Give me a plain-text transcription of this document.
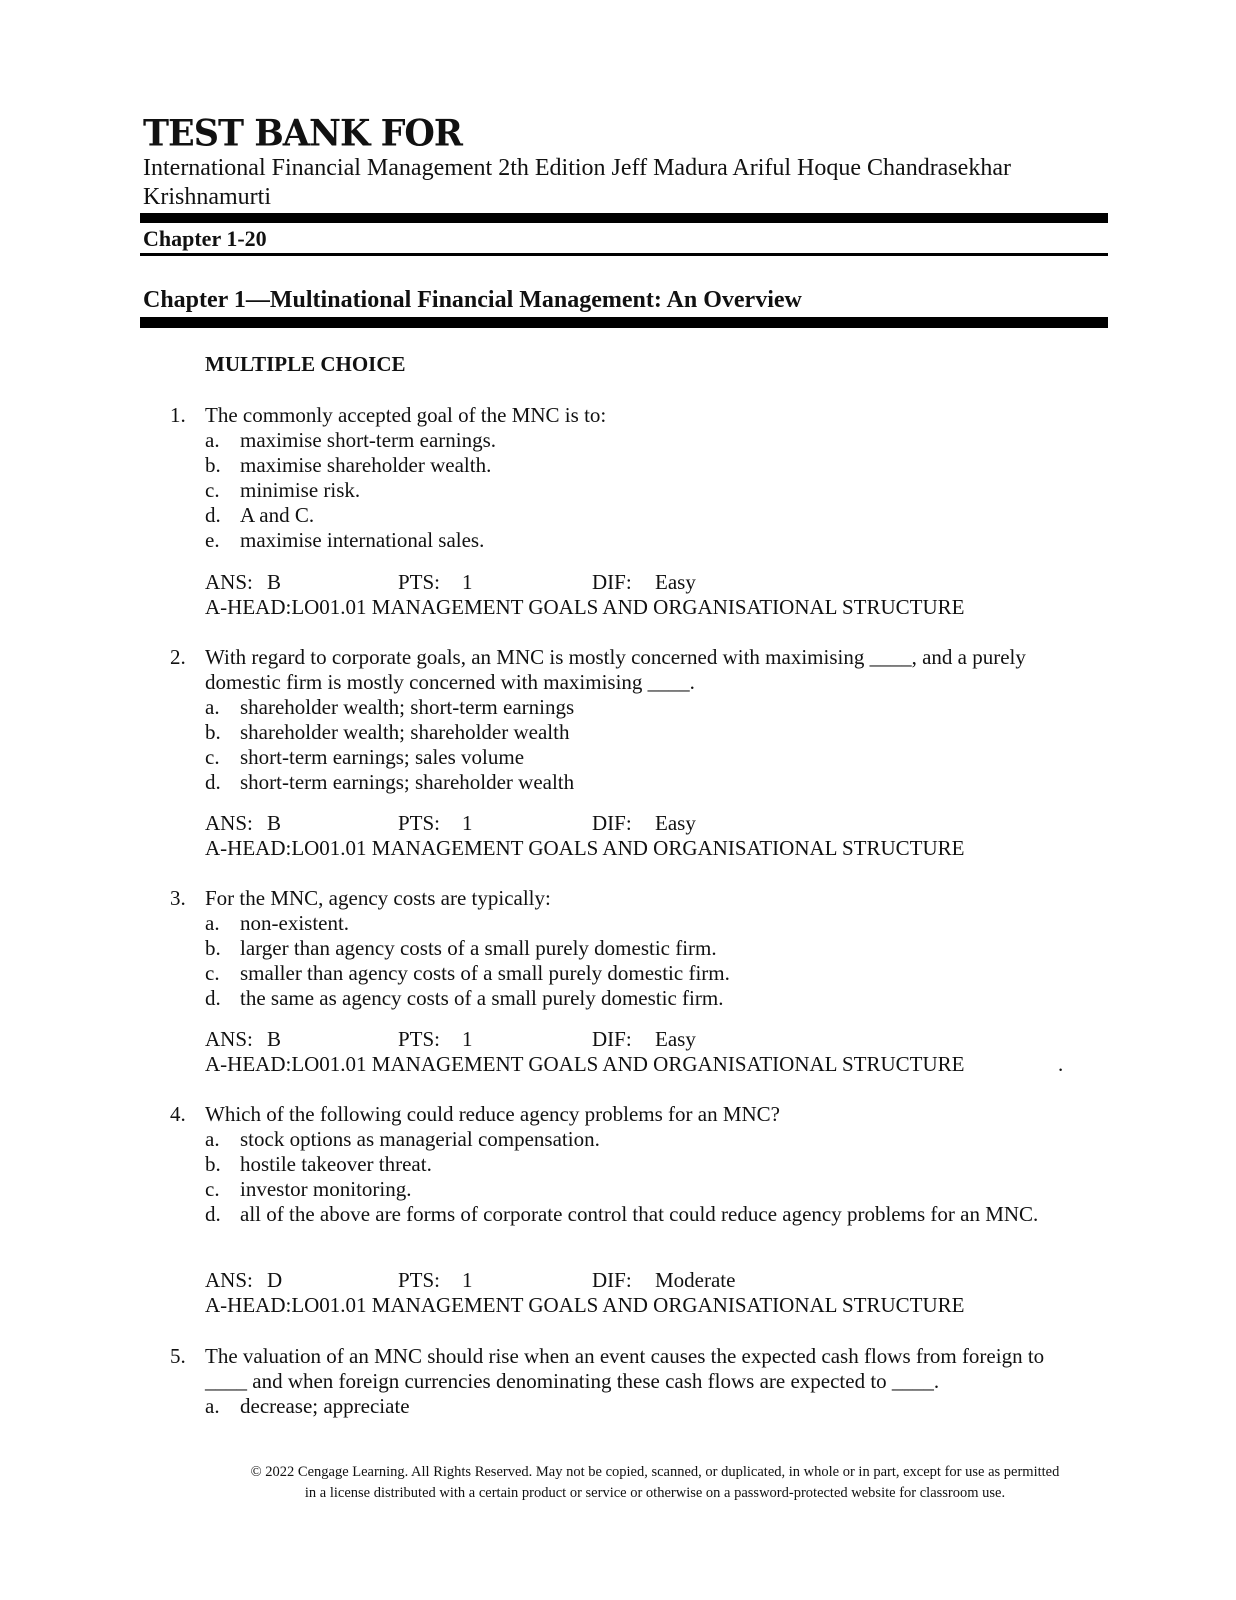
TEST BANK FOR
International Financial Management 2th Edition Jeff Madura Ariful Hoque Chandrasekhar Krishnamurti
Chapter 1-20
Chapter 1—Multinational Financial Management: An Overview
MULTIPLE CHOICE
1. The commonly accepted goal of the MNC is to:
a. maximise short-term earnings.
b. maximise shareholder wealth.
c. minimise risk.
d. A and C.
e. maximise international sales.
ANS: B	PTS: 1	DIF: Easy
A-HEAD:LO01.01 MANAGEMENT GOALS AND ORGANISATIONAL STRUCTURE
2. With regard to corporate goals, an MNC is mostly concerned with maximising ____, and a purely domestic firm is mostly concerned with maximising ____.
a. shareholder wealth; short-term earnings
b. shareholder wealth; shareholder wealth
c. short-term earnings; sales volume
d. short-term earnings; shareholder wealth
ANS: B	PTS: 1	DIF: Easy
A-HEAD:LO01.01 MANAGEMENT GOALS AND ORGANISATIONAL STRUCTURE
3. For the MNC, agency costs are typically:
a. non-existent.
b. larger than agency costs of a small purely domestic firm.
c. smaller than agency costs of a small purely domestic firm.
d. the same as agency costs of a small purely domestic firm.
ANS: B	PTS: 1	DIF: Easy
A-HEAD:LO01.01 MANAGEMENT GOALS AND ORGANISATIONAL STRUCTURE	.
4. Which of the following could reduce agency problems for an MNC?
a. stock options as managerial compensation.
b. hostile takeover threat.
c. investor monitoring.
d. all of the above are forms of corporate control that could reduce agency problems for an MNC.
ANS: D	PTS: 1	DIF: Moderate
A-HEAD:LO01.01 MANAGEMENT GOALS AND ORGANISATIONAL STRUCTURE
5. The valuation of an MNC should rise when an event causes the expected cash flows from foreign to ____ and when foreign currencies denominating these cash flows are expected to ____.
a. decrease; appreciate
© 2022 Cengage Learning. All Rights Reserved. May not be copied, scanned, or duplicated, in whole or in part, except for use as permitted
in a license distributed with a certain product or service or otherwise on a password-protected website for classroom use.
